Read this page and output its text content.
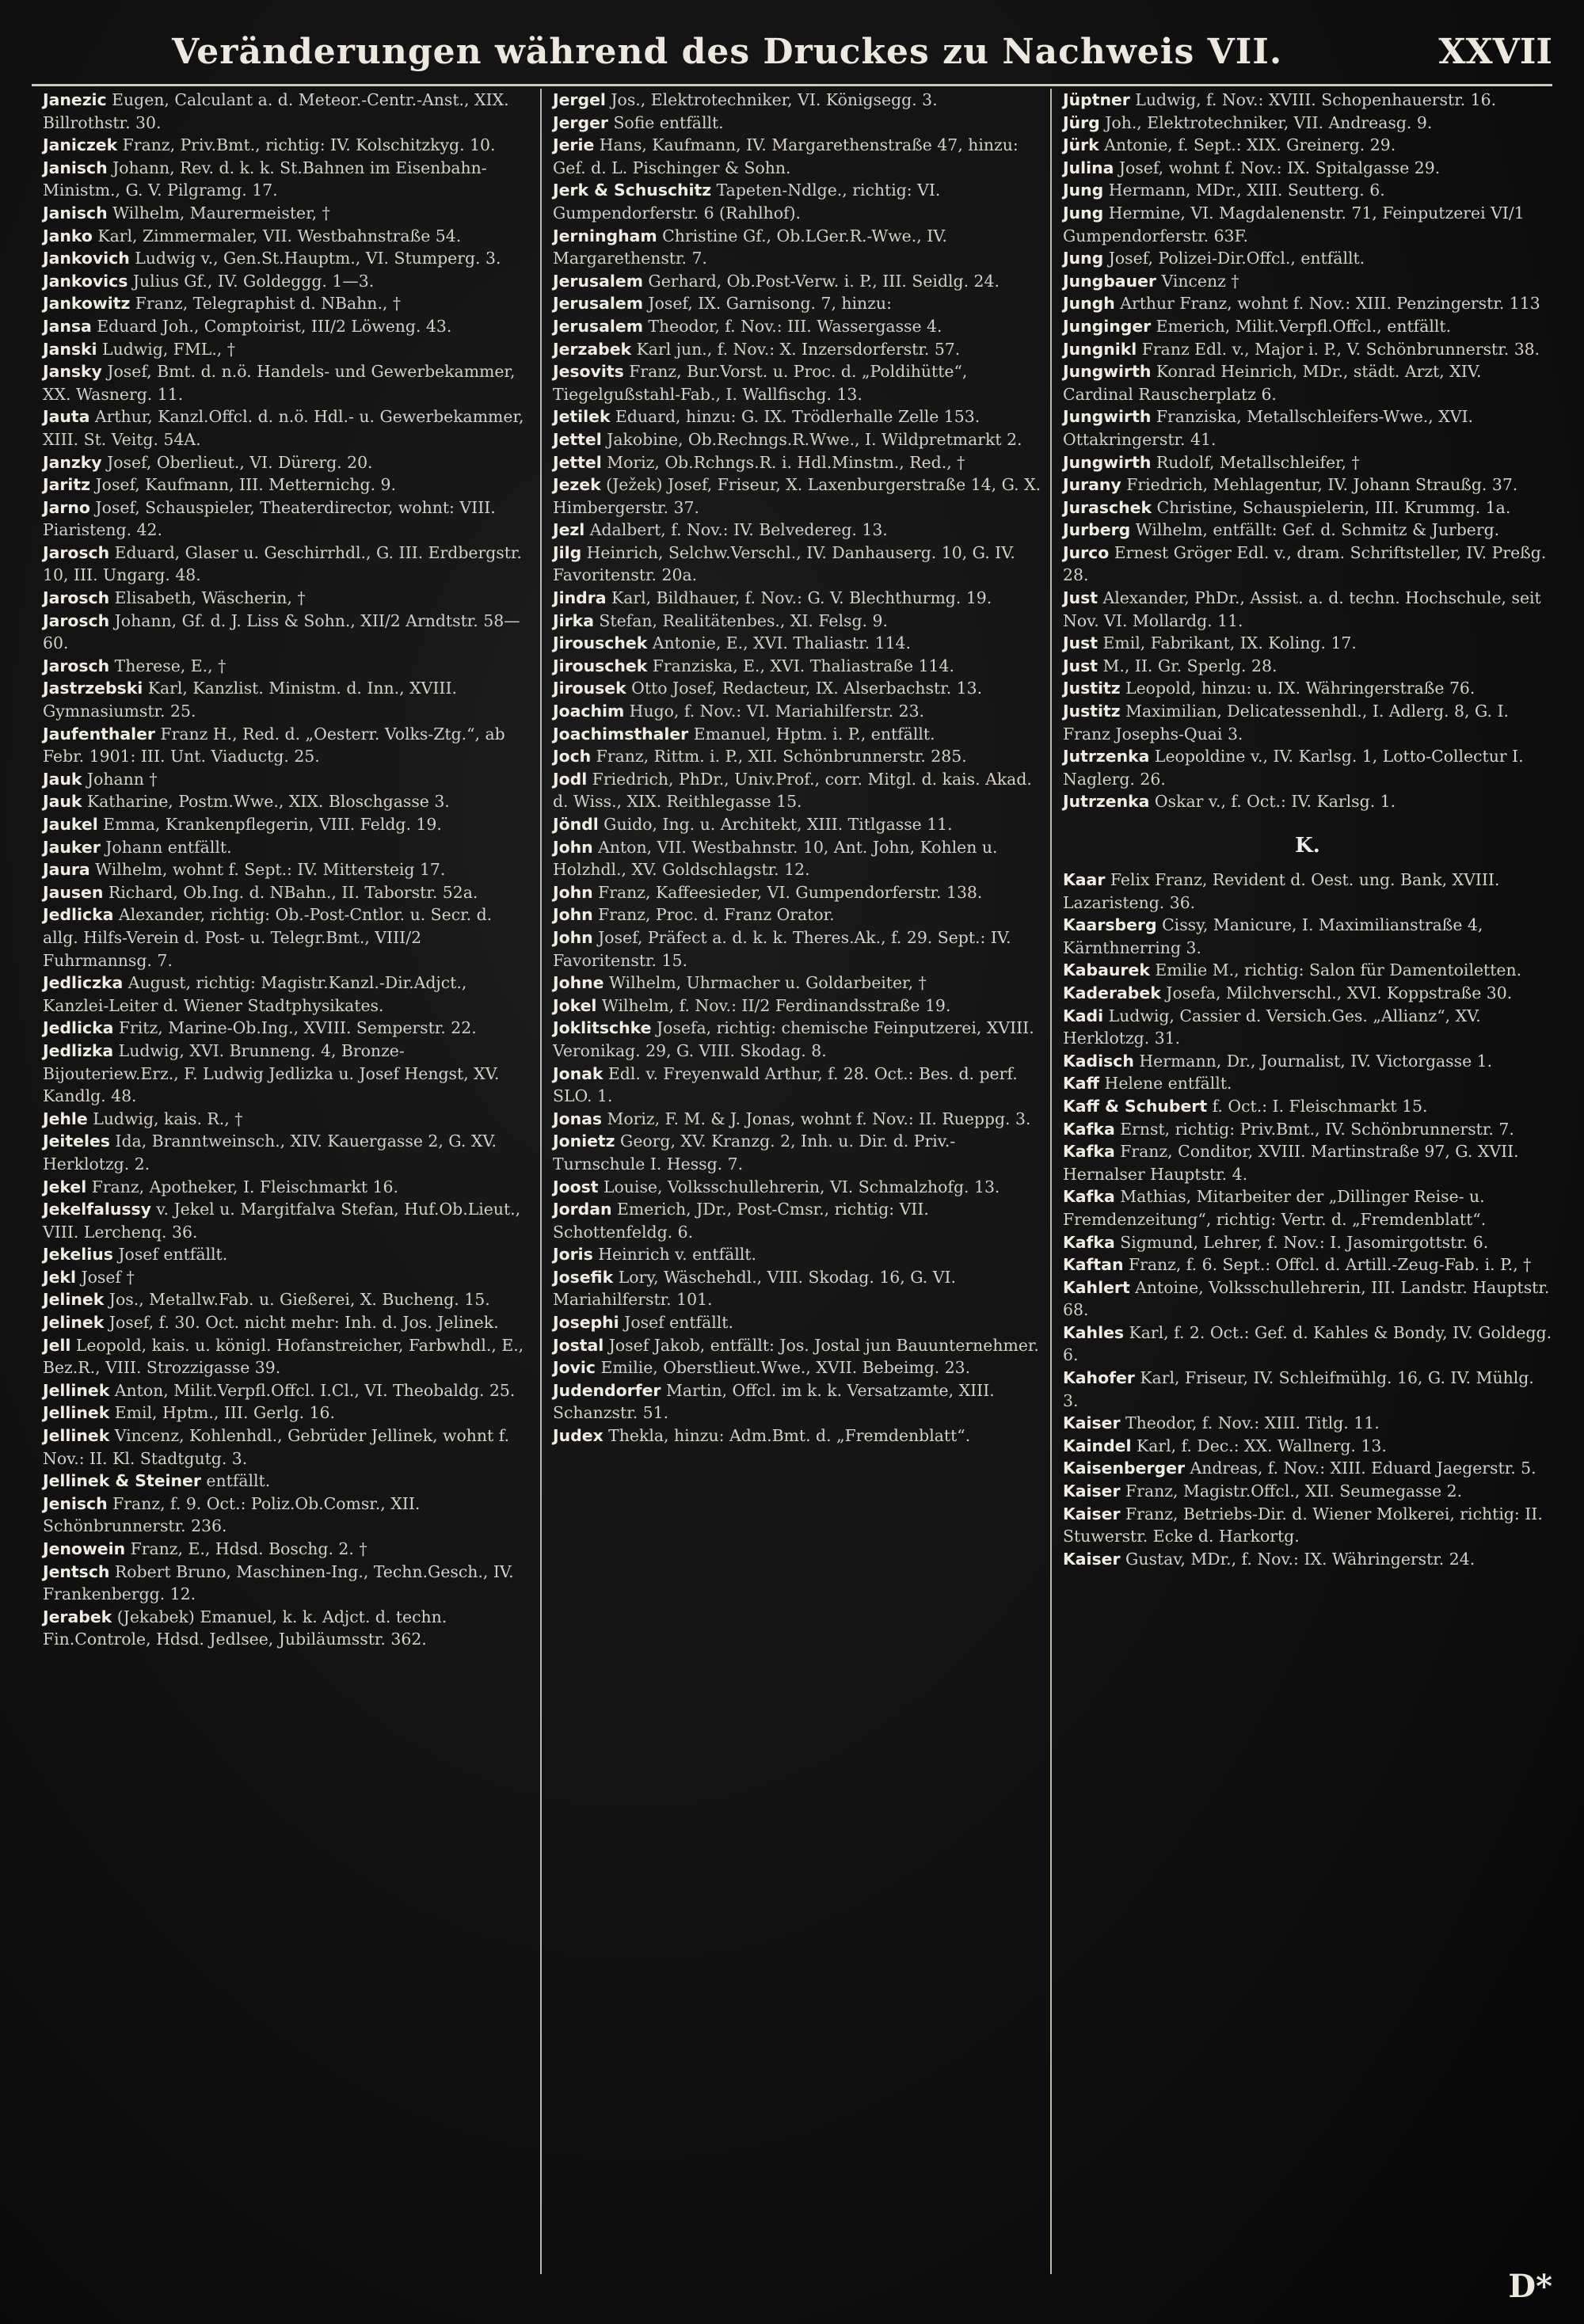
Veränderungen während des Druckes zu Nachweis VII.	XXVII

Janezic Eugen, Calculant a. d. Meteor.-Centr.-Anst., XIX. Billrothstr. 30.

Janiczek Franz, Priv.Bmt., richtig: IV. Kolschitzkyg. 10.

Janisch Johann, Rev. d. k. k. St.Bahnen im Eisenbahn-Ministm., G. V. Pilgramg. 17.

Janisch Wilhelm, Maurermeister, †

Janko Karl, Zimmermaler, VII. Westbahnstraße 54.

Jankovich Ludwig v., Gen.St.Hauptm., VI. Stumperg. 3.

Jankovics Julius Gf., IV. Goldeggg. 1—3.

Jankowitz Franz, Telegraphist d. NBahn., †

Jansa Eduard Joh., Comptoirist, III/2 Löweng. 43.

Janski Ludwig, FML., †

Jansky Josef, Bmt. d. n.ö. Handels- und Gewerbekammer, XX. Wasnerg. 11.

Jauta Arthur, Kanzl.Offcl. d. n.ö. Hdl.- u. Gewerbekammer, XIII. St. Veitg. 54A.

Janzky Josef, Oberlieut., VI. Dürerg. 20.

Jaritz Josef, Kaufmann, III. Metternichg. 9.

Jarno Josef, Schauspieler, Theaterdirector, wohnt: VIII. Piaristeng. 42.

Jarosch Eduard, Glaser u. Geschirrhdl., G. III. Erdbergstr. 10, III. Ungarg. 48.

Jarosch Elisabeth, Wäscherin, †

Jarosch Johann, Gf. d. J. Liss & Sohn., XII/2 Arndtstr. 58—60.

Jarosch Therese, E., †

Jastrzebski Karl, Kanzlist. Ministm. d. Inn., XVIII. Gymnasiumstr. 25.

Jaufenthaler Franz H., Red. d. „Oesterr. Volks-Ztg.“, ab Febr. 1901: III. Unt. Viaductg. 25.

Jauk Johann †

Jauk Katharine, Postm.Wwe., XIX. Bloschgasse 3.

Jaukel Emma, Krankenpflegerin, VIII. Feldg. 19.

Jauker Johann entfällt.

Jaura Wilhelm, wohnt f. Sept.: IV. Mittersteig 17.

Jausen Richard, Ob.Ing. d. NBahn., II. Taborstr. 52a.

Jedlicka Alexander, richtig: Ob.-Post-Cntlor. u. Secr. d. allg. Hilfs-Verein d. Post- u. Telegr.Bmt., VIII/2 Fuhrmannsg. 7.

Jedliczka August, richtig: Magistr.Kanzl.-Dir.Adjct., Kanzlei-Leiter d. Wiener Stadtphysikates.

Jedlicka Fritz, Marine-Ob.Ing., XVIII. Semperstr. 22.

Jedlizka Ludwig, XVI. Brunneng. 4, Bronze-Bijouteriew.Erz., F. Ludwig Jedlizka u. Josef Hengst, XV. Kandlg. 48.

Jehle Ludwig, kais. R., †

Jeiteles Ida, Branntweinsch., XIV. Kauergasse 2, G. XV. Herklotzg. 2.

Jekel Franz, Apotheker, I. Fleischmarkt 16.

Jekelfalussy v. Jekel u. Margitfalva Stefan, Huf.Ob.Lieut., VIII. Lerchenq. 36.

Jekelius Josef entfällt.

Jekl Josef †

Jelinek Jos., Metallw.Fab. u. Gießerei, X. Bucheng. 15.

Jelinek Josef, f. 30. Oct. nicht mehr: Inh. d. Jos. Jelinek.

Jell Leopold, kais. u. königl. Hofanstreicher, Farbwhdl., E., Bez.R., VIII. Strozzigasse 39.

Jellinek Anton, Milit.Verpfl.Offcl. I.Cl., VI. Theobaldg. 25.

Jellinek Emil, Hptm., III. Gerlg. 16.

Jellinek Vincenz, Kohlenhdl., Gebrüder Jellinek, wohnt f. Nov.: II. Kl. Stadtgutg. 3.

Jellinek & Steiner entfällt.

Jenisch Franz, f. 9. Oct.: Poliz.Ob.Comsr., XII. Schönbrunnerstr. 236.

Jenowein Franz, E., Hdsd. Boschg. 2. †

Jentsch Robert Bruno, Maschinen-Ing., Techn.Gesch., IV. Frankenbergg. 12.

Jerabek (Jekabek) Emanuel, k. k. Adjct. d. techn. Fin.Controle, Hdsd. Jedlsee, Jubiläumsstr. 362.

Jergel Jos., Elektrotechniker, VI. Königsegg. 3.

Jerger Sofie entfällt.

Jerie Hans, Kaufmann, IV. Margarethenstraße 47, hinzu: Gef. d. L. Pischinger & Sohn.

Jerk & Schuschitz Tapeten-Ndlge., richtig: VI. Gumpendorferstr. 6 (Rahlhof).

Jerningham Christine Gf., Ob.LGer.R.-Wwe., IV. Margarethenstr. 7.

Jerusalem Gerhard, Ob.Post-Verw. i. P., III. Seidlg. 24.

Jerusalem Josef, IX. Garnisong. 7, hinzu:

Jerusalem Theodor, f. Nov.: III. Wassergasse 4.

Jerzabek Karl jun., f. Nov.: X. Inzersdorferstr. 57.

Jesovits Franz, Bur.Vorst. u. Proc. d. „Poldihütte“, Tiegelgußstahl-Fab., I. Wallfischg. 13.

Jetilek Eduard, hinzu: G. IX. Trödlerhalle Zelle 153.

Jettel Jakobine, Ob.Rechngs.R.Wwe., I. Wildpretmarkt 2.

Jettel Moriz, Ob.Rchngs.R. i. Hdl.Minstm., Red., †

Jezek (Ježek) Josef, Friseur, X. Laxenburgerstraße 14, G. X. Himbergerstr. 37.

Jezl Adalbert, f. Nov.: IV. Belvedereg. 13.

Jilg Heinrich, Selchw.Verschl., IV. Danhauserg. 10, G. IV. Favoritenstr. 20a.

Jindra Karl, Bildhauer, f. Nov.: G. V. Blechthurmg. 19.

Jirka Stefan, Realitätenbes., XI. Felsg. 9.

Jirouschek Antonie, E., XVI. Thaliastr. 114.

Jirouschek Franziska, E., XVI. Thaliastraße 114.

Jirousek Otto Josef, Redacteur, IX. Alserbachstr. 13.

Joachim Hugo, f. Nov.: VI. Mariahilferstr. 23.

Joachimsthaler Emanuel, Hptm. i. P., entfällt.

Joch Franz, Rittm. i. P., XII. Schönbrunnerstr. 285.

Jodl Friedrich, PhDr., Univ.Prof., corr. Mitgl. d. kais. Akad. d. Wiss., XIX. Reithlegasse 15.

Jöndl Guido, Ing. u. Architekt, XIII. Titlgasse 11.

John Anton, VII. Westbahnstr. 10, Ant. John, Kohlen u. Holzhdl., XV. Goldschlagstr. 12.

John Franz, Kaffeesieder, VI. Gumpendorferstr. 138.

John Franz, Proc. d. Franz Orator.

John Josef, Präfect a. d. k. k. Theres.Ak., f. 29. Sept.: IV. Favoritenstr. 15.

Johne Wilhelm, Uhrmacher u. Goldarbeiter, †

Jokel Wilhelm, f. Nov.: II/2 Ferdinandsstraße 19.

Joklitschke Josefa, richtig: chemische Feinputzerei, XVIII. Veronikag. 29, G. VIII. Skodag. 8.

Jonak Edl. v. Freyenwald Arthur, f. 28. Oct.: Bes. d. perf. SLO. 1.

Jonas Moriz, F. M. & J. Jonas, wohnt f. Nov.: II. Rueppg. 3.

Jonietz Georg, XV. Kranzg. 2, Inh. u. Dir. d. Priv.-Turnschule I. Hessg. 7.

Joost Louise, Volksschullehrerin, VI. Schmalzhofg. 13.

Jordan Emerich, JDr., Post-Cmsr., richtig: VII. Schottenfeldg. 6.

Joris Heinrich v. entfällt.

Josefik Lory, Wäschehdl., VIII. Skodag. 16, G. VI. Mariahilferstr. 101.

Josephi Josef entfällt.

Jostal Josef Jakob, entfällt: Jos. Jostal jun Bauunternehmer.

Jovic Emilie, Oberstlieut.Wwe., XVII. Bebeimg. 23.

Judendorfer Martin, Offcl. im k. k. Versatzamte, XIII. Schanzstr. 51.

Judex Thekla, hinzu: Adm.Bmt. d. „Fremdenblatt“.

Jüptner Ludwig, f. Nov.: XVIII. Schopenhauerstr. 16.

Jürg Joh., Elektrotechniker, VII. Andreasg. 9.

Jürk Antonie, f. Sept.: XIX. Greinerg. 29.

Julina Josef, wohnt f. Nov.: IX. Spitalgasse 29.

Jung Hermann, MDr., XIII. Seutterg. 6.

Jung Hermine, VI. Magdalenenstr. 71, Feinputzerei VI/1 Gumpendorferstr. 63F.

Jung Josef, Polizei-Dir.Offcl., entfällt.

Jungbauer Vincenz †

Jungh Arthur Franz, wohnt f. Nov.: XIII. Penzingerstr. 113

Junginger Emerich, Milit.Verpfl.Offcl., entfällt.

Jungnikl Franz Edl. v., Major i. P., V. Schönbrunnerstr. 38.

Jungwirth Konrad Heinrich, MDr., städt. Arzt, XIV. Cardinal Rauscherplatz 6.

Jungwirth Franziska, Metallschleifers-Wwe., XVI. Ottakringerstr. 41.

Jungwirth Rudolf, Metallschleifer, †

Jurany Friedrich, Mehlagentur, IV. Johann Straußg. 37.

Juraschek Christine, Schauspielerin, III. Krummg. 1a.

Jurberg Wilhelm, entfällt: Gef. d. Schmitz & Jurberg.

Jurco Ernest Gröger Edl. v., dram. Schriftsteller, IV. Preßg. 28.

Just Alexander, PhDr., Assist. a. d. techn. Hochschule, seit Nov. VI. Mollardg. 11.

Just Emil, Fabrikant, IX. Koling. 17.

Just M., II. Gr. Sperlg. 28.

Justitz Leopold, hinzu: u. IX. Währingerstraße 76.

Justitz Maximilian, Delicatessenhdl., I. Adlerg. 8, G. I. Franz Josephs-Quai 3.

Jutrzenka Leopoldine v., IV. Karlsg. 1, Lotto-Collectur I. Naglerg. 26.

Jutrzenka Oskar v., f. Oct.: IV. Karlsg. 1.

K.

Kaar Felix Franz, Revident d. Oest. ung. Bank, XVIII. Lazaristeng. 36.

Kaarsberg Cissy, Manicure, I. Maximilianstraße 4, Kärnthnerring 3.

Kabaurek Emilie M., richtig: Salon für Damentoiletten.

Kaderabek Josefa, Milchverschl., XVI. Koppstraße 30.

Kadi Ludwig, Cassier d. Versich.Ges. „Allianz“, XV. Herklotzg. 31.

Kadisch Hermann, Dr., Journalist, IV. Victorgasse 1.

Kaff Helene entfällt.

Kaff & Schubert f. Oct.: I. Fleischmarkt 15.

Kafka Ernst, richtig: Priv.Bmt., IV. Schönbrunnerstr. 7.

Kafka Franz, Conditor, XVIII. Martinstraße 97, G. XVII. Hernalser Hauptstr. 4.

Kafka Mathias, Mitarbeiter der „Dillinger Reise- u. Fremdenzeitung“, richtig: Vertr. d. „Fremdenblatt“.

Kafka Sigmund, Lehrer, f. Nov.: I. Jasomirgottstr. 6.

Kaftan Franz, f. 6. Sept.: Offcl. d. Artill.-Zeug-Fab. i. P., †

Kahlert Antoine, Volksschullehrerin, III. Landstr. Hauptstr. 68.

Kahles Karl, f. 2. Oct.: Gef. d. Kahles & Bondy, IV. Goldegg. 6.

Kahofer Karl, Friseur, IV. Schleifmühlg. 16, G. IV. Mühlg. 3.

Kaiser Theodor, f. Nov.: XIII. Titlg. 11.

Kaindel Karl, f. Dec.: XX. Wallnerg. 13.

Kaisenberger Andreas, f. Nov.: XIII. Eduard Jaegerstr. 5.

Kaiser Franz, Magistr.Offcl., XII. Seumegasse 2.

Kaiser Franz, Betriebs-Dir. d. Wiener Molkerei, richtig: II. Stuwerstr. Ecke d. Harkortg.

Kaiser Gustav, MDr., f. Nov.: IX. Währingerstr. 24.

D*
